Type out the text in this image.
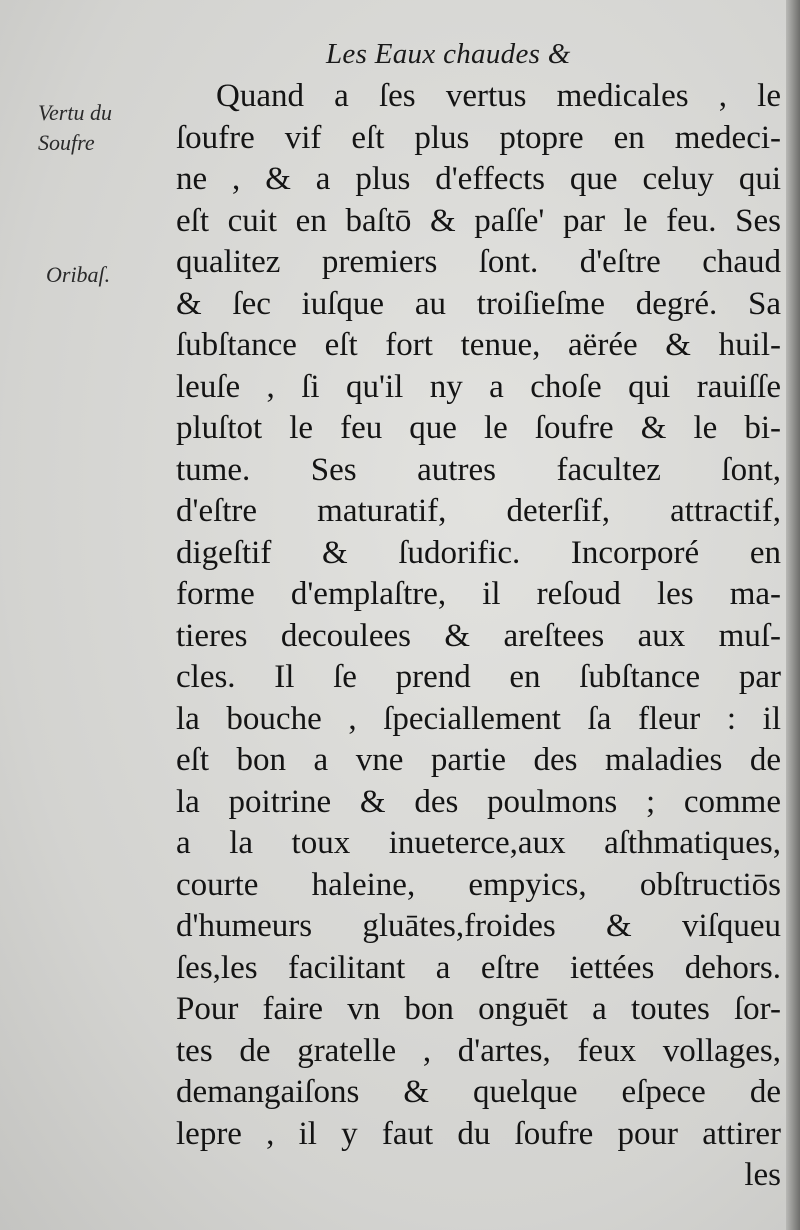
Les Eaux chaudes &
Vertu du
Soufre
Oribaſ.
Quand a ſes vertus medicales , le
ſoufre vif eſt plus ptopre en medeci-
ne , & a plus d'effects que celuy qui
eſt cuit en baſtō & paſſe' par le feu. Ses
qualitez premiers ſont. d'eſtre chaud
& ſec iuſque au troiſieſme degré. Sa
ſubſtance eſt fort tenue, aërée & huil-
leuſe , ſi qu'il ny a choſe qui rauiſſe
pluſtot le feu que le ſoufre & le bi-
tume. Ses autres facultez ſont,
d'eſtre maturatif, deterſif, attractif,
digeſtif & ſudorific. Incorporé en
forme d'emplaſtre, il reſoud les ma-
tieres decoulees & areſtees aux muſ-
cles. Il ſe prend en ſubſtance par
la bouche , ſpeciallement ſa fleur : il
eſt bon a vne partie des maladies de
la poitrine & des poulmons ; comme
a la toux inueterce,aux aſthmatiques,
courte haleine, empyics, obſtructiōs
d'humeurs gluātes,froides & viſqueu
ſes,les facilitant a eſtre iettées dehors.
Pour faire vn bon onguēt a toutes ſor-
tes de gratelle , d'artes, feux vollages,
demangaiſons & quelque eſpece de
lepre , il y faut du ſoufre pour attirer
les
